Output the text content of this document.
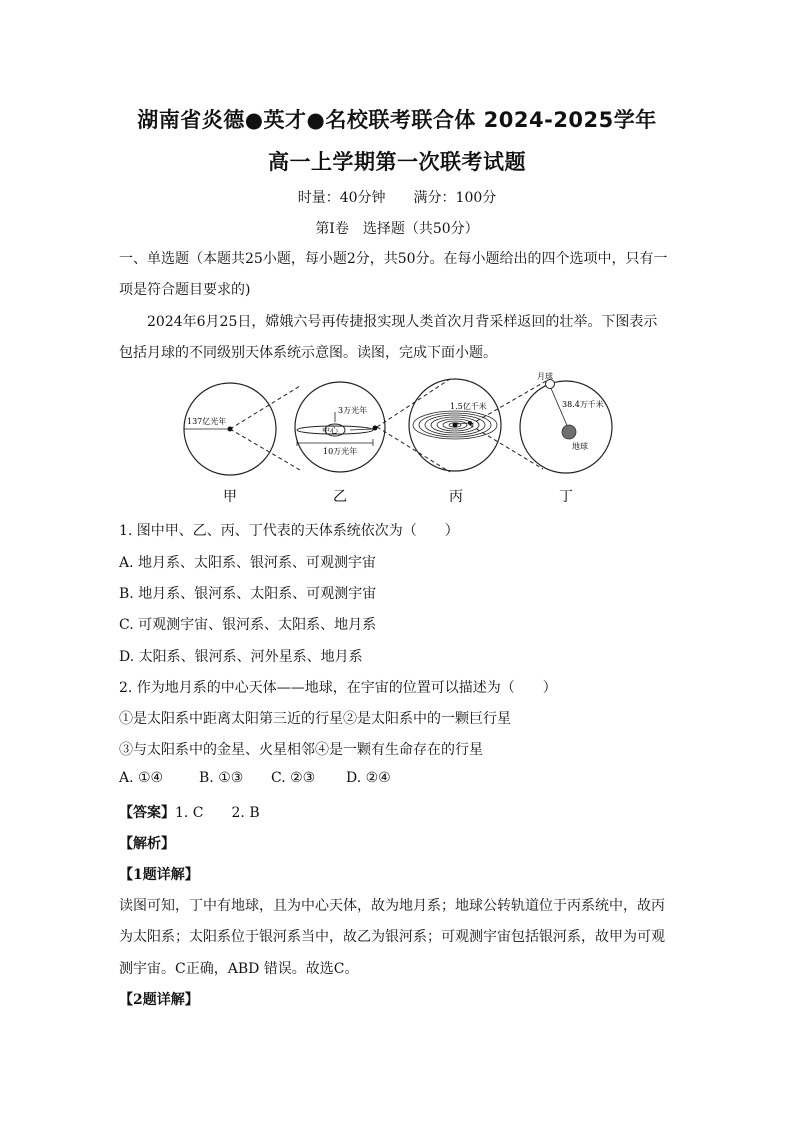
湖南省炎德●英才●名校联考联合体 2024-2025学年
高一上学期第一次联考试题
时量：40分钟　　满分：100分
第Ⅰ卷　选择题（共50分）
一、单选题（本题共25小题，每小题2分，共50分。在每小题给出的四个选项中，只有一
项是符合题目要求的)
2024年6月25日，嫦娥六号再传捷报实现人类首次月背采样返回的壮举。下图表示
包括月球的不同级别天体系统示意图。读图，完成下面小题。
137亿光年
3万光年
中心
10万光年
1.5亿千米
月球
38.4万千米
地球
甲	乙	丙	丁
1. 图中甲、乙、丙、丁代表的天体系统依次为（　　）
A. 地月系、太阳系、银河系、可观测宇宙
B. 地月系、银河系、太阳系、可观测宇宙
C. 可观测宇宙、银河系、太阳系、地月系
D. 太阳系、银河系、河外星系、地月系
2. 作为地月系的中心天体——地球，在宇宙的位置可以描述为（　　）
①是太阳系中距离太阳第三近的行星②是太阳系中的一颗巨行星
③与太阳系中的金星、火星相邻④是一颗有生命存在的行星
A. ①④	B. ①③ C. ②③ D. ②④
【答案】1. C　　2. B
【解析】
【1题详解】
读图可知，丁中有地球，且为中心天体，故为地月系；地球公转轨道位于丙系统中，故丙
为太阳系；太阳系位于银河系当中，故乙为银河系；可观测宇宙包括银河系，故甲为可观
测宇宙。C正确，ABD 错误。故选C。
【2题详解】
